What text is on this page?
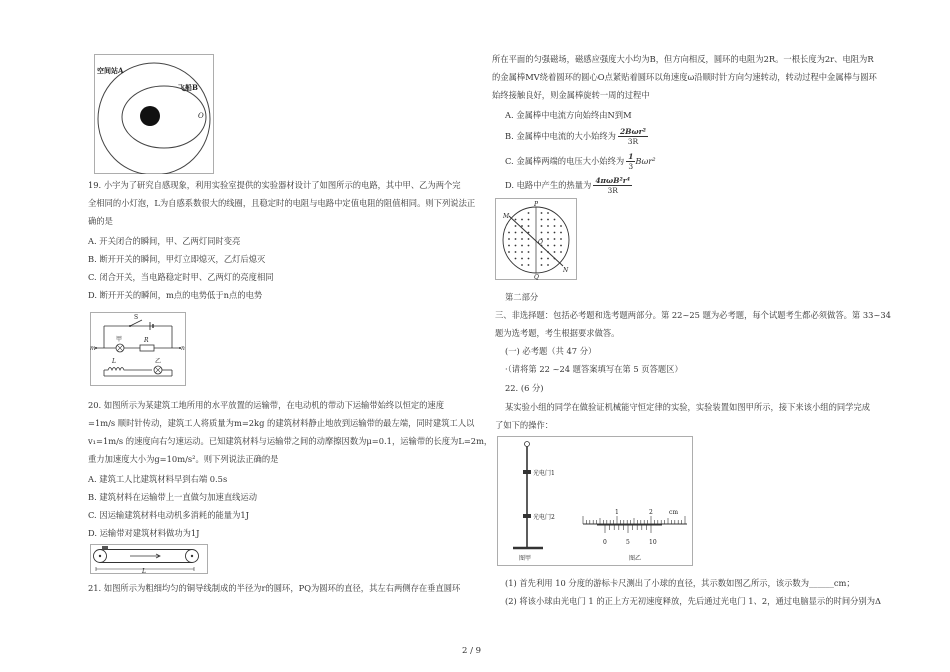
空间站A
飞船B
O
19. 小宇为了研究自感现象，利用实验室提供的实验器材设计了如图所示的电路，其中甲、乙为两个完
全相同的小灯泡，L为自感系数很大的线圈，且稳定时的电阻与电路中定值电阻的阻值相同。则下列说法正
确的是
A. 开关闭合的瞬间，甲、乙两灯同时变亮
B. 断开开关的瞬间，甲灯立即熄灭，乙灯后熄灭
C. 闭合开关，当电路稳定时甲、乙两灯的亮度相同
D. 断开开关的瞬间，m点的电势低于n点的电势
S
m	n
甲	R
L	乙
20. 如图所示为某建筑工地所用的水平放置的运输带，在电动机的带动下运输带始终以恒定的速度
=1m/s 顺时针传动，建筑工人将质量为m=2kg 的建筑材料静止地放到运输带的最左端，同时建筑工人以
v₁=1m/s 的速度向右匀速运动。已知建筑材料与运输带之间的动摩擦因数为μ=0.1，运输带的长度为L=2m，
重力加速度大小为g=10m/s²。则下列说法正确的是
A. 建筑工人比建筑材料早到右端 0.5s
B. 建筑材料在运输带上一直做匀加速直线运动
C. 因运输建筑材料电动机多消耗的能量为1J
D. 运输带对建筑材料做功为1J
L
21. 如图所示为粗细均匀的铜导线制成的半径为r的圆环，PQ为圆环的直径，其左右两侧存在垂直圆环
所在平面的匀强磁场，磁感应强度大小均为B，但方向相反，圆环的电阻为2R。一根长度为2r、电阻为R
的金属棒MV绕着圆环的圆心O点紧贴着圆环以角速度ω沿顺时针方向匀速转动，转动过程中金属棒与圆环
始终接触良好，则金属棒旋转一周的过程中
A. 金属棒中电流方向始终由N到M
B. 金属棒中电流的大小始终为 $\frac{\text{2Bωr²}}{3R}$
C. 金属棒两端的电压大小始终为 $\frac{1}{3} B\omega r^2$
D. 电路中产生的热量为 $\frac{\text{4πωB²r⁴}}{3R}$
P
Q
M
N
O
第二部分
三、非选择题：包括必考题和选考题两部分。第 22~25 题为必考题，每个试题考生都必须做答。第 33~34
题为选考题，考生根据要求做答。
(一) 必考题（共 47 分）
·（请将第 22 ~24 题答案填写在第 5 页答题区）
22. (6 分)
某实验小组的同学在做验证机械能守恒定律的实验，实验装置如图甲所示，接下来该小组的同学完成
了如下的操作：
光电门1
光电门2
图甲
1	2	cm
0	5	10
图乙
(1) 首先利用 10 分度的游标卡尺测出了小球的直径，其示数如图乙所示，该示数为______cm；
(2) 将该小球由光电门 1 的正上方无初速度释放，先后通过光电门 1、2，通过电脑显示的时间分别为Δ
2 / 9
